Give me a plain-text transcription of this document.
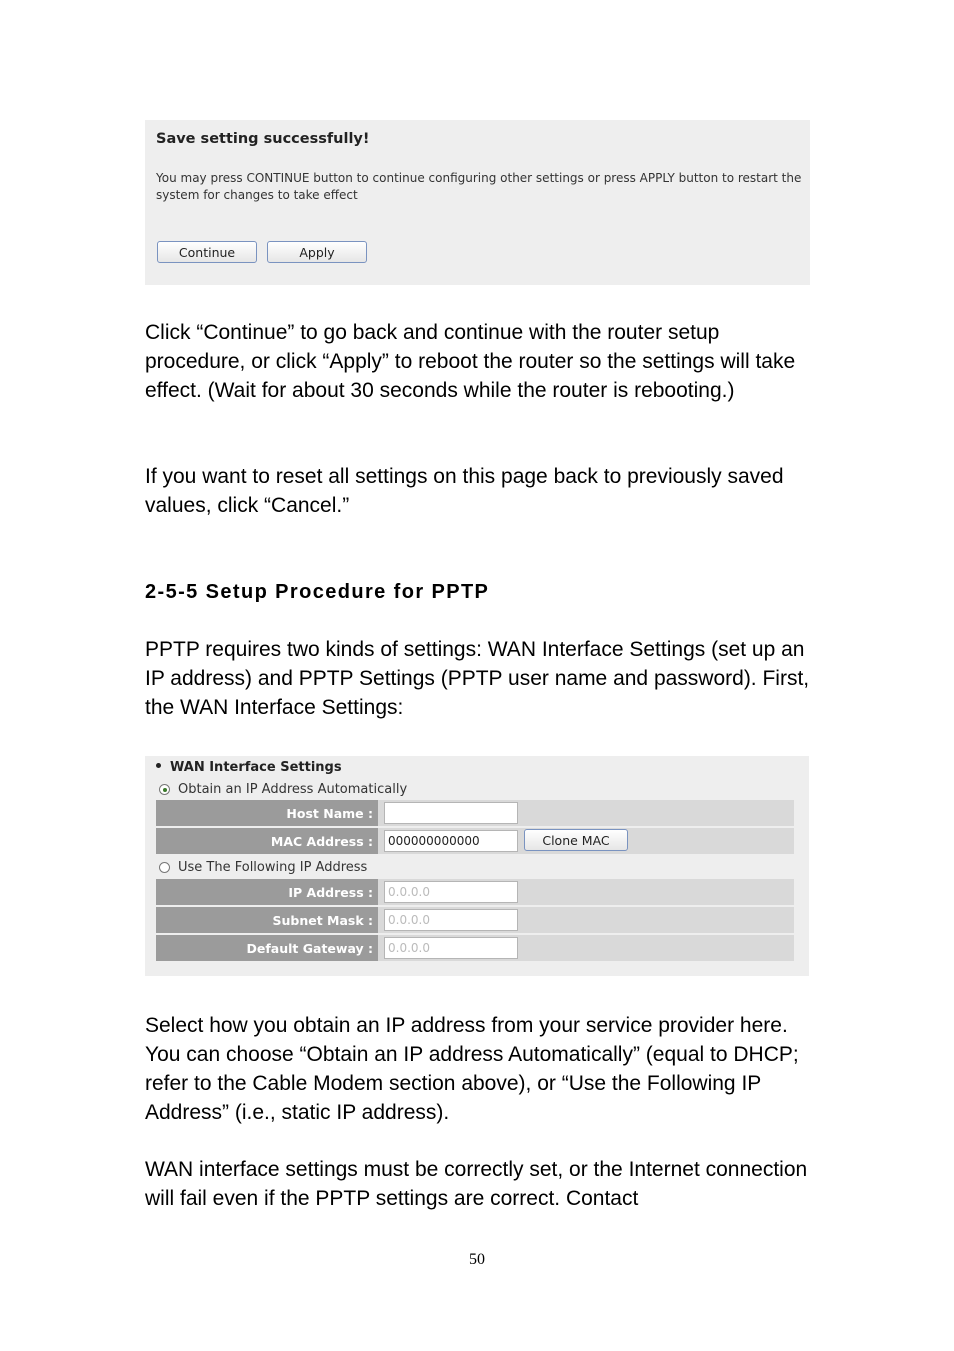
Save setting successfully!
You may press CONTINUE button to continue configuring other settings or press APPLY button to restart the system for changes to take effect
Continue	Apply
Click “Continue” to go back and continue with the router setup procedure, or click “Apply” to reboot the router so the settings will take effect. (Wait for about 30 seconds while the router is rebooting.)
If you want to reset all settings on this page back to previously saved values, click “Cancel.”
2-5-5 Setup Procedure for PPTP
PPTP requires two kinds of settings: WAN Interface Settings (set up an IP address) and PPTP Settings (PPTP user name and password). First, the WAN Interface Settings:
WAN Interface Settings
Obtain an IP Address Automatically
Host Name :
MAC Address :	000000000000	Clone MAC
Use The Following IP Address
IP Address :	0.0.0.0
Subnet Mask :	0.0.0.0
Default Gateway :	0.0.0.0
Select how you obtain an IP address from your service provider here. You can choose “Obtain an IP address Automatically” (equal to DHCP; refer to the Cable Modem section above), or “Use the Following IP Address” (i.e., static IP address).
WAN interface settings must be correctly set, or the Internet connection will fail even if the PPTP settings are correct. Contact
50
